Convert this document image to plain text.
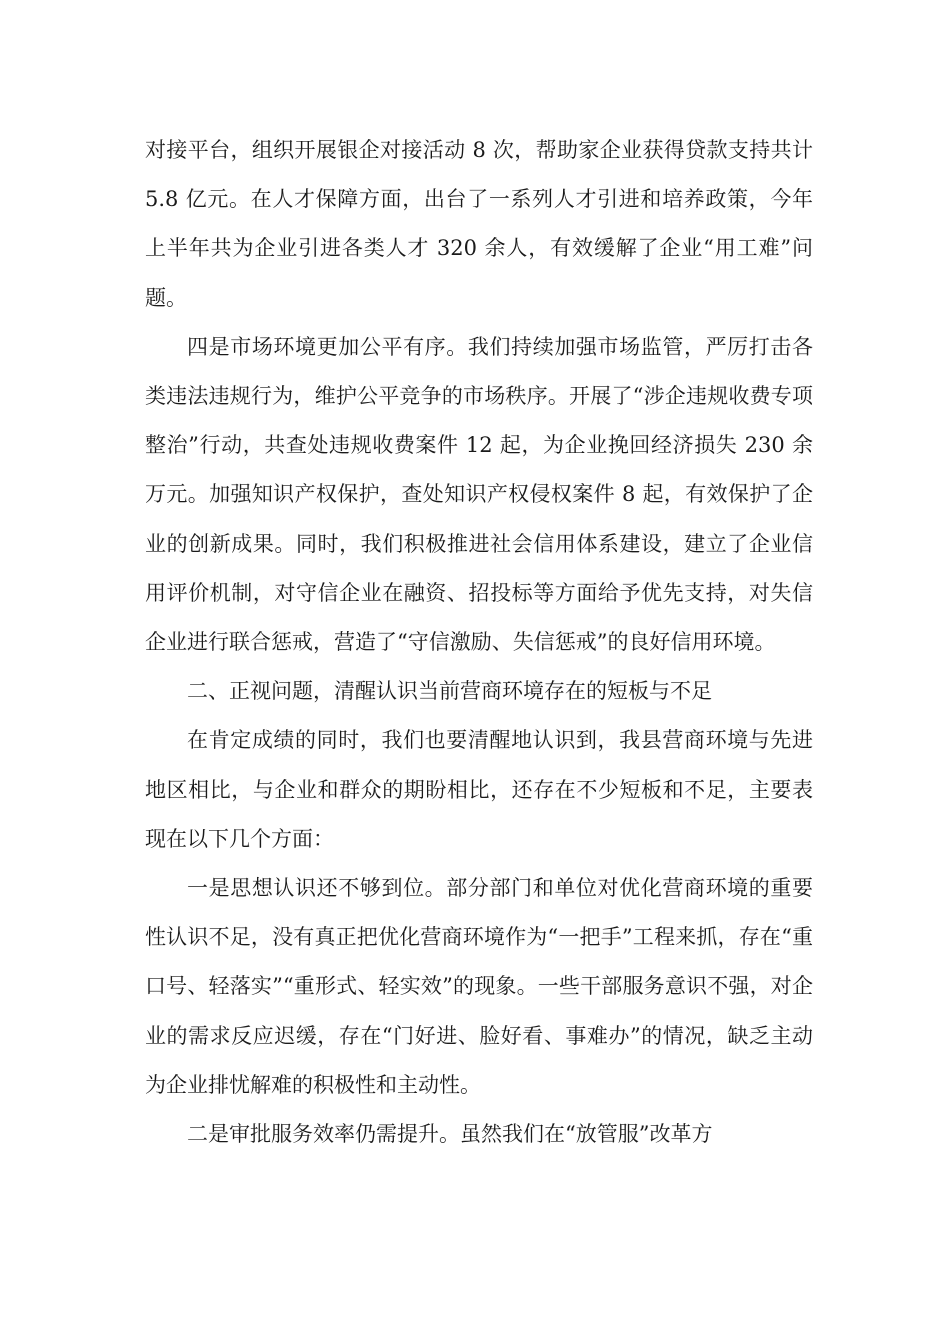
对接平台，组织开展银企对接活动 8 次，帮助家企业获得贷款支持共计 5.8 亿元。在人才保障方面，出台了一系列人才引进和培养政策，今年上半年共为企业引进各类人才 320 余人，有效缓解了企业“用工难”问题。

四是市场环境更加公平有序。我们持续加强市场监管，严厉打击各类违法违规行为，维护公平竞争的市场秩序。开展了“涉企违规收费专项整治”行动，共查处违规收费案件 12 起，为企业挽回经济损失 230 余万元。加强知识产权保护，查处知识产权侵权案件 8 起，有效保护了企业的创新成果。同时，我们积极推进社会信用体系建设，建立了企业信用评价机制，对守信企业在融资、招投标等方面给予优先支持，对失信企业进行联合惩戒，营造了“守信激励、失信惩戒”的良好信用环境。

二、正视问题，清醒认识当前营商环境存在的短板与不足

在肯定成绩的同时，我们也要清醒地认识到，我县营商环境与先进地区相比，与企业和群众的期盼相比，还存在不少短板和不足，主要表现在以下几个方面：

一是思想认识还不够到位。部分部门和单位对优化营商环境的重要性认识不足，没有真正把优化营商环境作为“一把手”工程来抓，存在“重口号、轻落实”“重形式、轻实效”的现象。一些干部服务意识不强，对企业的需求反应迟缓，存在“门好进、脸好看、事难办”的情况，缺乏主动为企业排忧解难的积极性和主动性。

二是审批服务效率仍需提升。虽然我们在“放管服”改革方
